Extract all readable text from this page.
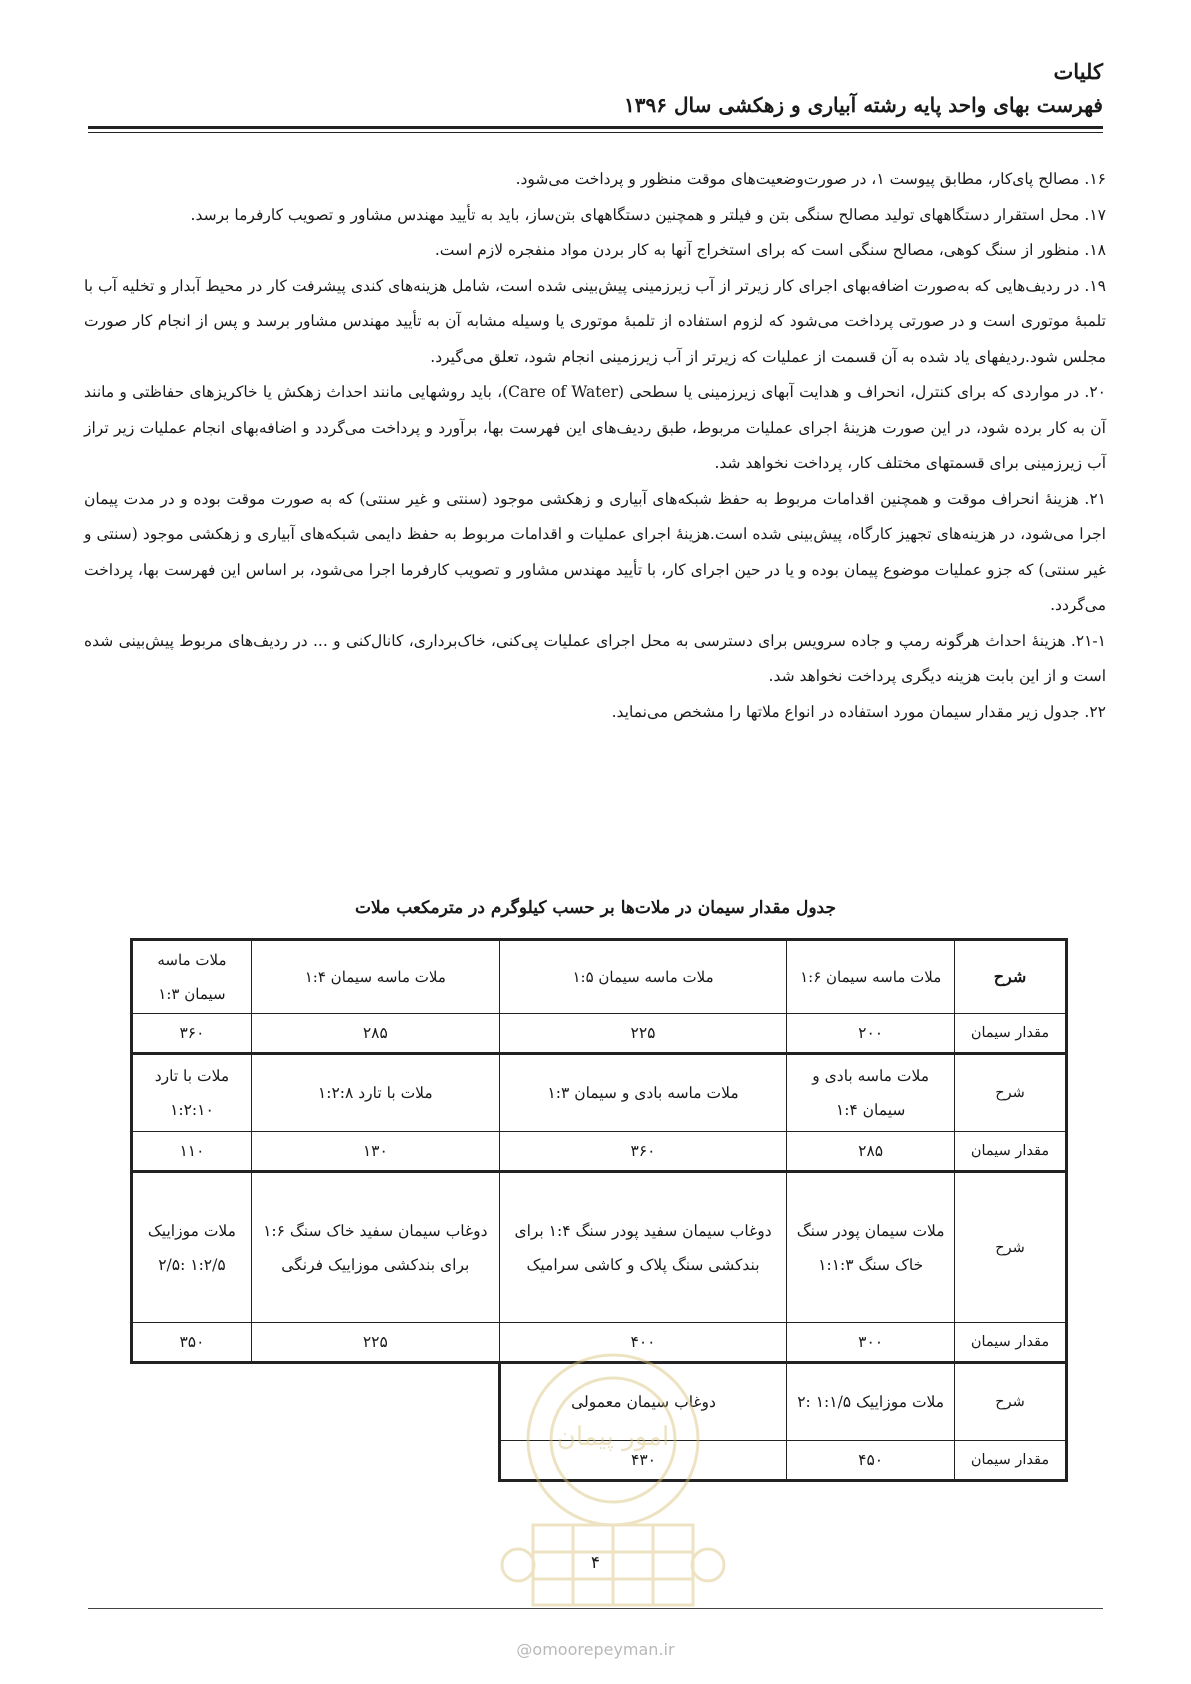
کلیات
فهرست بهای واحد پایه رشته آبیاری و زهکشی سال ۱۳۹۶

۱۶. مصالح پای‌کار، مطابق پیوست ۱، در صورت‌وضعیت‌های موقت منظور و پرداخت می‌شود.

۱۷. محل استقرار دستگاههای تولید مصالح سنگی بتن و فیلتر و همچنین دستگاههای بتن‌ساز، باید به تأیید مهندس مشاور و تصویب کارفرما برسد.

۱۸. منظور از سنگ کوهی، مصالح سنگی است که برای استخراج آنها به کار بردن مواد منفجره لازم است.

۱۹. در ردیف‌هایی که به‌صورت اضافه‌بهای اجرای کار زیرتر از آب زیرزمینی پیش‌بینی شده است، شامل هزینه‌های کندی پیشرفت کار در محیط آبدار و تخلیه آب با تلمبهٔ موتوری است و در صورتی پرداخت می‌شود که لزوم استفاده از تلمبهٔ موتوری یا وسیله مشابه آن به تأیید مهندس مشاور برسد و پس از انجام کار صورت مجلس شود.ردیفهای یاد شده به آن قسمت از عملیات که زیرتر از آب زیرزمینی انجام شود، تعلق می‌گیرد.

۲۰. در مواردی که برای کنترل، انحراف و هدایت آبهای زیرزمینی یا سطحی (Care of Water)، باید روشهایی مانند احداث زهکش یا خاکریزهای حفاظتی و مانند آن به کار برده شود، در این صورت هزینهٔ اجرای عملیات مربوط، طبق ردیف‌های این فهرست بها، برآورد و پرداخت می‌گردد و اضافه‌بهای انجام عملیات زیر تراز آب زیرزمینی برای قسمتهای مختلف کار، پرداخت نخواهد شد.

۲۱. هزینهٔ انحراف موقت و همچنین اقدامات مربوط به حفظ شبکه‌های آبیاری و زهکشی موجود (سنتی و غیر سنتی) که به صورت موقت بوده و در مدت پیمان اجرا می‌شود، در هزینه‌های تجهیز کارگاه، پیش‌بینی شده است.هزینهٔ اجرای عملیات و اقدامات مربوط به حفظ دایمی شبکه‌های آبیاری و زهکشی موجود (سنتی و غیر سنتی) که جزو عملیات موضوع پیمان بوده و یا در حین اجرای کار، با تأیید مهندس مشاور و تصویب کارفرما اجرا می‌شود، بر اساس این فهرست بها، پرداخت می‌گردد.

۲۱-۱. هزینهٔ احداث هرگونه رمپ و جاده سرویس برای دسترسی به محل اجرای عملیات پی‌کنی، خاک‌برداری، کانال‌کنی و ... در ردیف‌های مربوط پیش‌بینی شده است و از این بابت هزینه دیگری پرداخت نخواهد شد.

۲۲. جدول زیر مقدار سیمان مورد استفاده در انواع ملاتها را مشخص می‌نماید.

جدول مقدار سیمان در ملات‌ها بر حسب کیلوگرم در مترمکعب ملات
شرح	ملات ماسه سیمان ۱:۶	ملات ماسه سیمان ۱:۵	ملات ماسه سیمان ۱:۴	ملات ماسه سیمان ۱:۳
مقدار سیمان	۲۰۰	۲۲۵	۲۸۵	۳۶۰
شرح	ملات ماسه بادی و سیمان ۱:۴	ملات ماسه بادی و سیمان ۱:۳	ملات با تارد ۱:۲:۸	ملات با تارد ۱:۲:۱۰
مقدار سیمان	۲۸۵	۳۶۰	۱۳۰	۱۱۰
شرح	ملات سیمان پودر سنگ خاک سنگ ۱:۱:۳	دوغاب سیمان سفید پودر سنگ ۱:۴ برای بندکشی سنگ پلاک و کاشی سرامیک	دوغاب سیمان سفید خاک سنگ ۱:۶ برای بندکشی موزاییک فرنگی	ملات موزاییک ۱:۲/۵ :۲/۵
مقدار سیمان	۳۰۰	۴۰۰	۲۲۵	۳۵۰
شرح	ملات موزاییک ۱:۱/۵ :۲	دوغاب سیمان معمولی		
مقدار سیمان	۴۵۰	۴۳۰		
امور پیمان
۴
@omoorepeyman.ir
